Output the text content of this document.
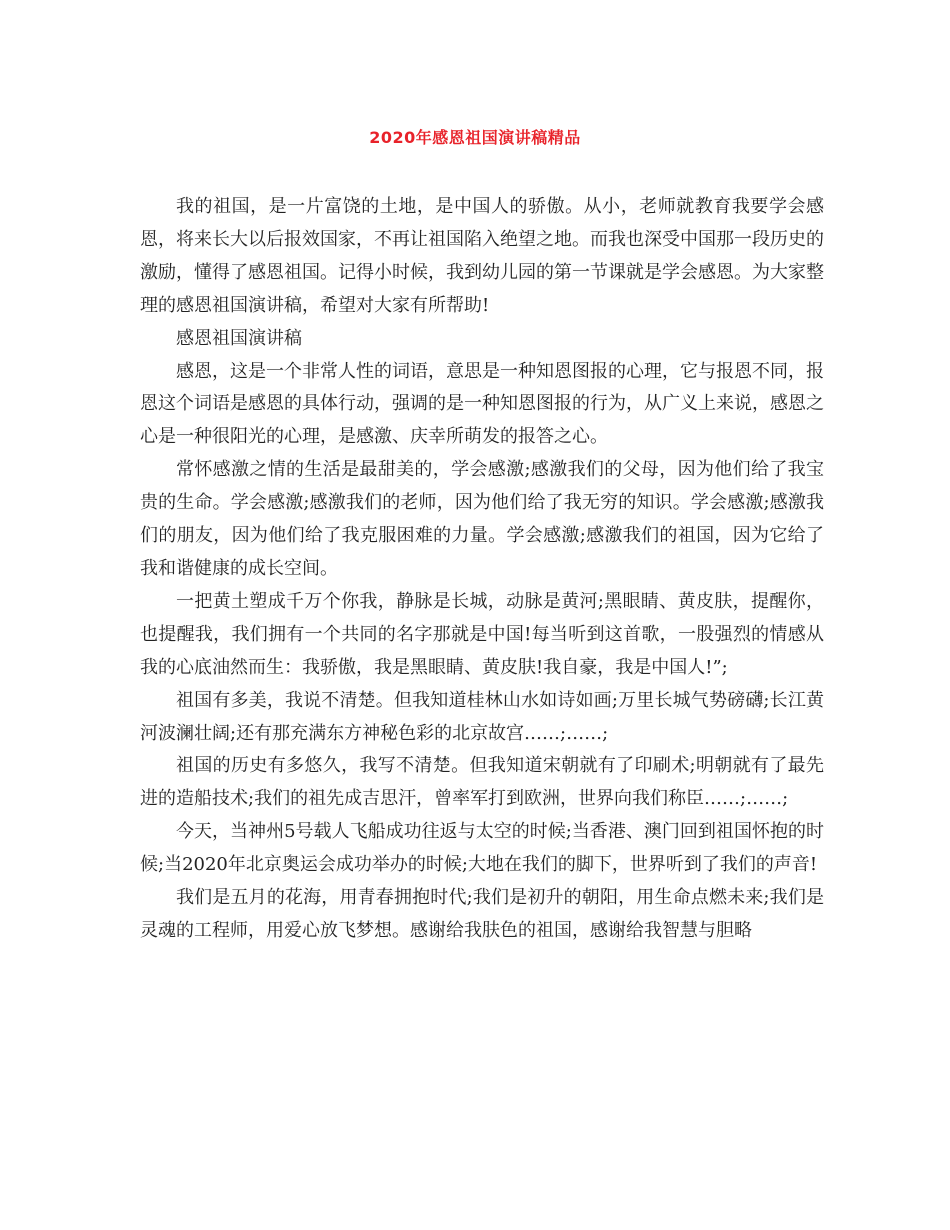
2020年感恩祖国演讲稿精品

我的祖国，是一片富饶的土地，是中国人的骄傲。从小，老师就教育我要学会感恩，将来长大以后报效国家，不再让祖国陷入绝望之地。而我也深受中国那一段历史的激励，懂得了感恩祖国。记得小时候，我到幼儿园的第一节课就是学会感恩。为大家整理的感恩祖国演讲稿，希望对大家有所帮助!

感恩祖国演讲稿

感恩，这是一个非常人性的词语，意思是一种知恩图报的心理，它与报恩不同，报恩这个词语是感恩的具体行动，强调的是一种知恩图报的行为，从广义上来说，感恩之心是一种很阳光的心理，是感激、庆幸所萌发的报答之心。

常怀感激之情的生活是最甜美的，学会感激;感激我们的父母，因为他们给了我宝贵的生命。学会感激;感激我们的老师，因为他们给了我无穷的知识。学会感激;感激我们的朋友，因为他们给了我克服困难的力量。学会感激;感激我们的祖国，因为它给了我和谐健康的成长空间。

一把黄土塑成千万个你我，静脉是长城，动脉是黄河;黑眼睛、黄皮肤，提醒你，也提醒我，我们拥有一个共同的名字那就是中国!每当听到这首歌，一股强烈的情感从我的心底油然而生：我骄傲，我是黑眼睛、黄皮肤!我自豪，我是中国人!”;

祖国有多美，我说不清楚。但我知道桂林山水如诗如画;万里长城气势磅礴;长江黄河波澜壮阔;还有那充满东方神秘色彩的北京故宫……;……;

祖国的历史有多悠久，我写不清楚。但我知道宋朝就有了印刷术;明朝就有了最先进的造船技术;我们的祖先成吉思汗，曾率军打到欧洲，世界向我们称臣……;……;

今天，当神州5号载人飞船成功往返与太空的时候;当香港、澳门回到祖国怀抱的时候;当2020年北京奥运会成功举办的时候;大地在我们的脚下，世界听到了我们的声音!

我们是五月的花海，用青春拥抱时代;我们是初升的朝阳，用生命点燃未来;我们是灵魂的工程师，用爱心放飞梦想。感谢给我肤色的祖国，感谢给我智慧与胆略
